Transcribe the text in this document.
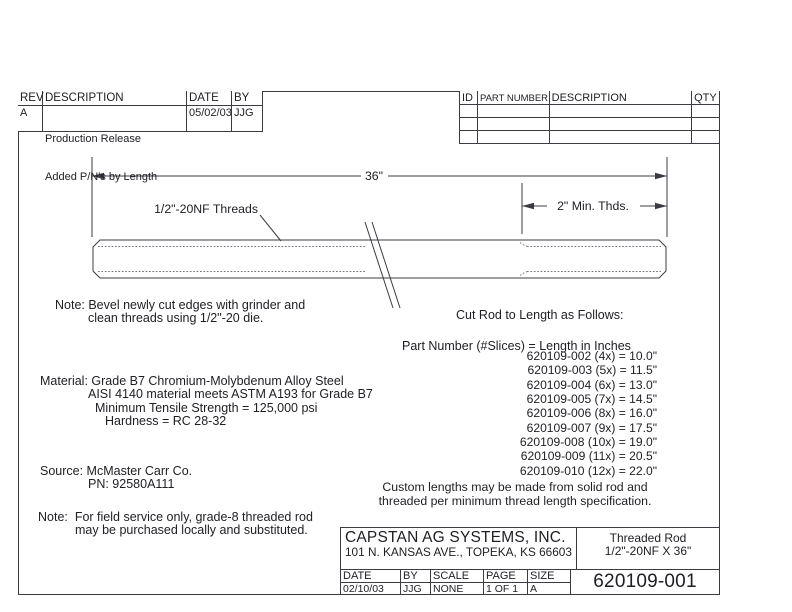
36"
2" Min. Thds.
1/2"-20NF Threads
REV DESCRIPTION	DATE	BY
A

Production Release

Added P/N's by Length

05/02/03 JJG
ID PART NUMBER DESCRIPTION	QTY
Note: Bevel newly cut edges with grinder and
clean threads using 1/2"-20 die.
Material: Grade B7 Chromium-Molybdenum Alloy Steel
AISI 4140 material meets ASTM A193 for Grade B7
Minimum Tensile Strength = 125,000 psi
Hardness = RC 28-32
Source: McMaster Carr Co.
PN: 92580A111
Note:  For field service only, grade-8 threaded rod
may be purchased locally and substituted.
Cut Rod to Length as Follows:
Part Number (#Slices) = Length in Inches
620109-002 (4x) = 10.0"
620109-003 (5x) = 11.5"
620109-004 (6x) = 13.0"
620109-005 (7x) = 14.5"
620109-006 (8x) = 16.0"
620109-007 (9x) = 17.5"
620109-008 (10x) = 19.0"
620109-009 (11x) = 20.5"
620109-010 (12x) = 22.0"
Custom lengths may be made from solid rod and
threaded per minimum thread length specification.
CAPSTAN AG SYSTEMS, INC.
101 N. KANSAS AVE., TOPEKA, KS 66603
Threaded Rod
1/2"-20NF X 36"
DATE
02/10/03
BY
JJG
SCALE
NONE
PAGE
1 OF 1
SIZE
A	620109-001
